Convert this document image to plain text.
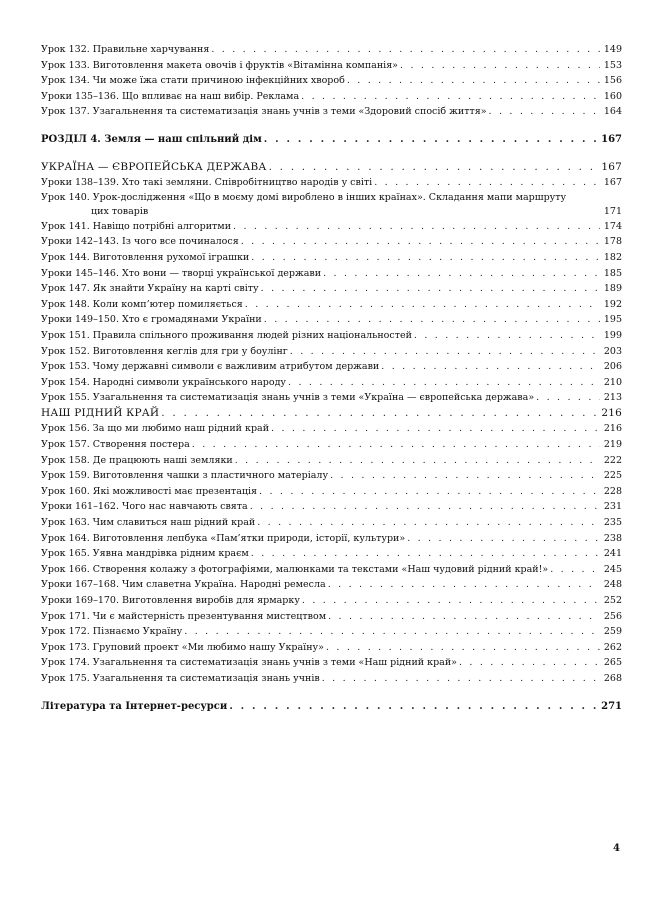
Урок 132. Правильне харчування . . .	149
Урок 133. Виготовлення макета овочів і фруктів «Вітамінна компанія» . . .	153
Урок 134. Чи може їжа стати причиною інфекційних хвороб . . .	156
Уроки 135–136. Що впливає на наш вибір. Реклама . . .	160
Урок 137. Узагальнення та систематизація знань учнів з теми «Здоровий спосіб життя» . . .	164
РОЗДІЛ 4. Земля — наш спільний дім . . .	167
УКРАЇНА — ЄВРОПЕЙСЬКА ДЕРЖАВА . . .	167
Уроки 138–139. Хто такі земляни. Співробітництво народів у світі . . .	167
Урок 140. Урок-дослідження «Що в моєму домі вироблено в інших країнах». Складання мапи маршруту
цих товарів	171
Урок 141. Навіщо потрібні алгоритми . . .	174
Уроки 142–143. Із чого все починалося . . .	178
Урок 144. Виготовлення рухомої іграшки . . .	182
Уроки 145–146. Хто вони — творці української держави . . .	185
Урок 147. Як знайти Україну на карті світу . . .	189
Урок 148. Коли комп’ютер помиляється . . .	192
Уроки 149–150. Хто є громадянами України . . .	195
Урок 151. Правила спільного проживання людей різних національностей . . .	199
Урок 152. Виготовлення кеглів для гри у боулінг . . .	203
Урок 153. Чому державні символи є важливим атрибутом держави . . .	206
Урок 154. Народні символи українського народу . . .	210
Урок 155. Узагальнення та систематизація знань учнів з теми «Україна — європейська держава» . . .	213
НАШ РІДНИЙ КРАЙ . . .	216
Урок 156. За що ми любимо наш рідний край . . .	216
Урок 157. Створення постера . . .	219
Урок 158. Де працюють наші земляки . . .	222
Урок 159. Виготовлення чашки з пластичного матеріалу . . .	225
Урок 160. Які можливості має презентація . . .	228
Уроки 161–162. Чого нас навчають свята . . .	231
Урок 163. Чим славиться наш рідний край . . .	235
Урок 164. Виготовлення лепбука «Пам’ятки природи, історії, культури» . . .	238
Урок 165. Уявна мандрівка рідним краєм . . .	241
Урок 166. Створення колажу з фотографіями, малюнками та текстами «Наш чудовий рідний край!» . . .	245
Уроки 167–168. Чим славетна Україна. Народні ремесла . . .	248
Уроки 169–170. Виготовлення виробів для ярмарку . . .	252
Урок 171. Чи є майстерність презентування мистецтвом . . .	256
Урок 172. Пізнаємо Україну . . .	259
Урок 173. Груповий проект «Ми любимо нашу Україну» . . .	262
Урок 174. Узагальнення та систематизація знань учнів з теми «Наш рідний край» . . .	265
Урок 175. Узагальнення та систематизація знань учнів . . .	268
Література та Інтернет-ресурси . . .	271
4
